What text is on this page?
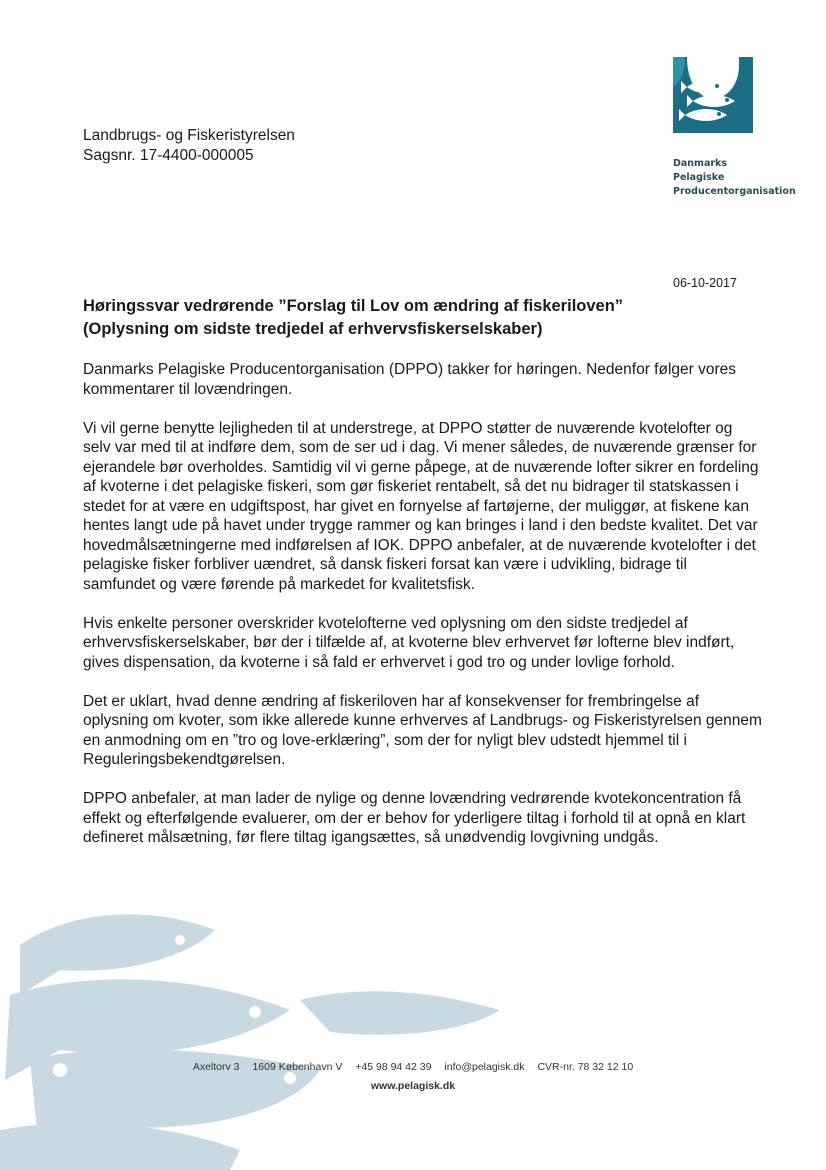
Danmarks
Pelagiske
Producentorganisation
Landbrugs- og Fiskeristyrelsen
Sagsnr. 17-4400-000005
06-10-2017
Høringssvar vedrørende ”Forslag til Lov om ændring af fiskeriloven”
(Oplysning om sidste tredjedel af erhvervsfiskerselskaber)

Danmarks Pelagiske Producentorganisation (DPPO) takker for høringen. Nedenfor følger vores kommentarer til lovændringen.

Vi vil gerne benytte lejligheden til at understrege, at DPPO støtter de nuværende kvotelofter og selv var med til at indføre dem, som de ser ud i dag. Vi mener således, de nuværende grænser for ejerandele bør overholdes. Samtidig vil vi gerne påpege, at de nuværende lofter sikrer en fordeling af kvoterne i det pelagiske fiskeri, som gør fiskeriet rentabelt, så det nu bidrager til statskassen i stedet for at være en udgiftspost, har givet en fornyelse af fartøjerne, der muliggør, at fiskene kan hentes langt ude på havet under trygge rammer og kan bringes i land i den bedste kvalitet. Det var hovedmålsætningerne med indførelsen af IOK. DPPO anbefaler, at de nuværende kvotelofter i det pelagiske fisker forbliver uændret, så dansk fiskeri forsat kan være i udvikling, bidrage til samfundet og være førende på markedet for kvalitetsfisk.

Hvis enkelte personer overskrider kvotelofterne ved oplysning om den sidste tredjedel af erhvervsfiskerselskaber, bør der i tilfælde af, at kvoterne blev erhvervet før lofterne blev indført, gives dispensation, da kvoterne i så fald er erhvervet i god tro og under lovlige forhold.

Det er uklart, hvad denne ændring af fiskeriloven har af konsekvenser for frembringelse af oplysning om kvoter, som ikke allerede kunne erhverves af Landbrugs- og Fiskeristyrelsen gennem en anmodning om en ”tro og love-erklæring”, som der for nyligt blev udstedt hjemmel til i Reguleringsbekendtgørelsen.

DPPO anbefaler, at man lader de nylige og denne lovændring vedrørende kvotekoncentration få effekt og efterfølgende evaluerer, om der er behov for yderligere tiltag i forhold til at opnå en klart defineret målsætning, før flere tiltag igangsættes, så unødvendig lovgivning undgås.

Axeltorv 3 1609 København V +45 98 94 42 39 info@pelagisk.dk CVR-nr. 78 32 12 10
www.pelagisk.dk
